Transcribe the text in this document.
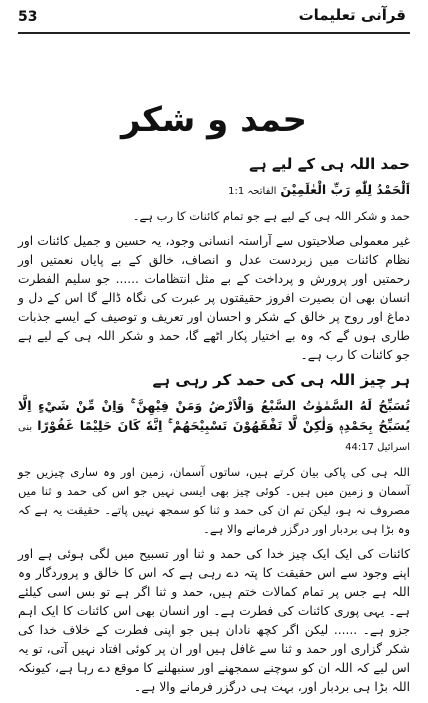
53	قرآنی تعلیمات
حمد و شکر

حمد اللہ ہی کے لیے ہے

اَلْحَمْدُ لِلّٰهِ رَبِّ الْعٰلَمِيْنَ الفاتحہ 1:1

حمد و شکر اللہ ہی کے لیے ہے جو تمام کائنات کا رب ہے۔

غیر معمولی صلاحیتوں سے آراستہ انسانی وجود، یہ حسین و جمیل کائنات اور نظام کائنات میں زبردست عدل و انصاف، خالق کے بے پایاں نعمتیں اور رحمتیں اور پرورش و پرداخت کے بے مثل انتظامات ...... جو سلیم الفطرت انسان بھی ان بصیرت افروز حقیقتوں پر عبرت کی نگاہ ڈالے گا اس کے دل و دماغ اور روح پر خالق کے شکر و احسان اور تعریف و توصیف کے ایسے جذبات طاری ہوں گے کہ وہ بے اختیار پکار اٹھے گا، حمد و شکر اللہ ہی کے لیے ہے جو کائنات کا رب ہے۔

ہر چیز اللہ ہی کی حمد کر رہی ہے

تُسَبِّحُ لَهُ السَّمٰوٰتُ السَّبْعُ وَالْاَرْضُ وَمَنْ فِيْهِنَّ ۚ وَاِنْ مِّنْ شَيْءٍ اِلَّا يُسَبِّحُ بِحَمْدِهٖ وَلٰكِنْ لَّا تَفْقَهُوْنَ تَسْبِيْحَهُمْ ۚ اِنَّهٗ كَانَ حَلِيْمًا غَفُوْرًا بنی اسرائیل 44:17

اللہ ہی کی پاکی بیان کرتے ہیں، ساتوں آسمان، زمین اور وہ ساری چیزیں جو آسمان و زمین میں ہیں۔ کوئی چیز بھی ایسی نہیں جو اس کی حمد و ثنا میں مصروف نہ ہو، لیکن تم ان کی حمد و ثنا کو سمجھ نہیں پاتے۔ حقیقت یہ ہے کہ وہ بڑا ہی بردبار اور درگزر فرمانے والا ہے۔

کائنات کی ایک ایک چیز خدا کی حمد و ثنا اور تسبیح میں لگی ہوئی ہے اور اپنے وجود سے اس حقیقت کا پتہ دے رہی ہے کہ اس کا خالق و پروردگار وہ اللہ ہے جس پر تمام کمالات ختم ہیں، حمد و ثنا اگر ہے تو بس اسی کیلئے ہے۔ یہی پوری کائنات کی فطرت ہے۔ اور انسان بھی اس کائنات کا ایک اہم جزو ہے۔ ...... لیکن اگر کچھ نادان ہیں جو اپنی فطرت کے خلاف خدا کی شکر گزاری اور حمد و ثنا سے غافل ہیں اور ان پر کوئی افتاد نہیں آتی، تو یہ اس لیے کہ اللہ ان کو سوچنے سمجھنے اور سنبھلنے کا موقع دے رہا ہے، کیونکہ اللہ بڑا ہی بردبار اور، بہت ہی درگزر فرمانے والا ہے۔
